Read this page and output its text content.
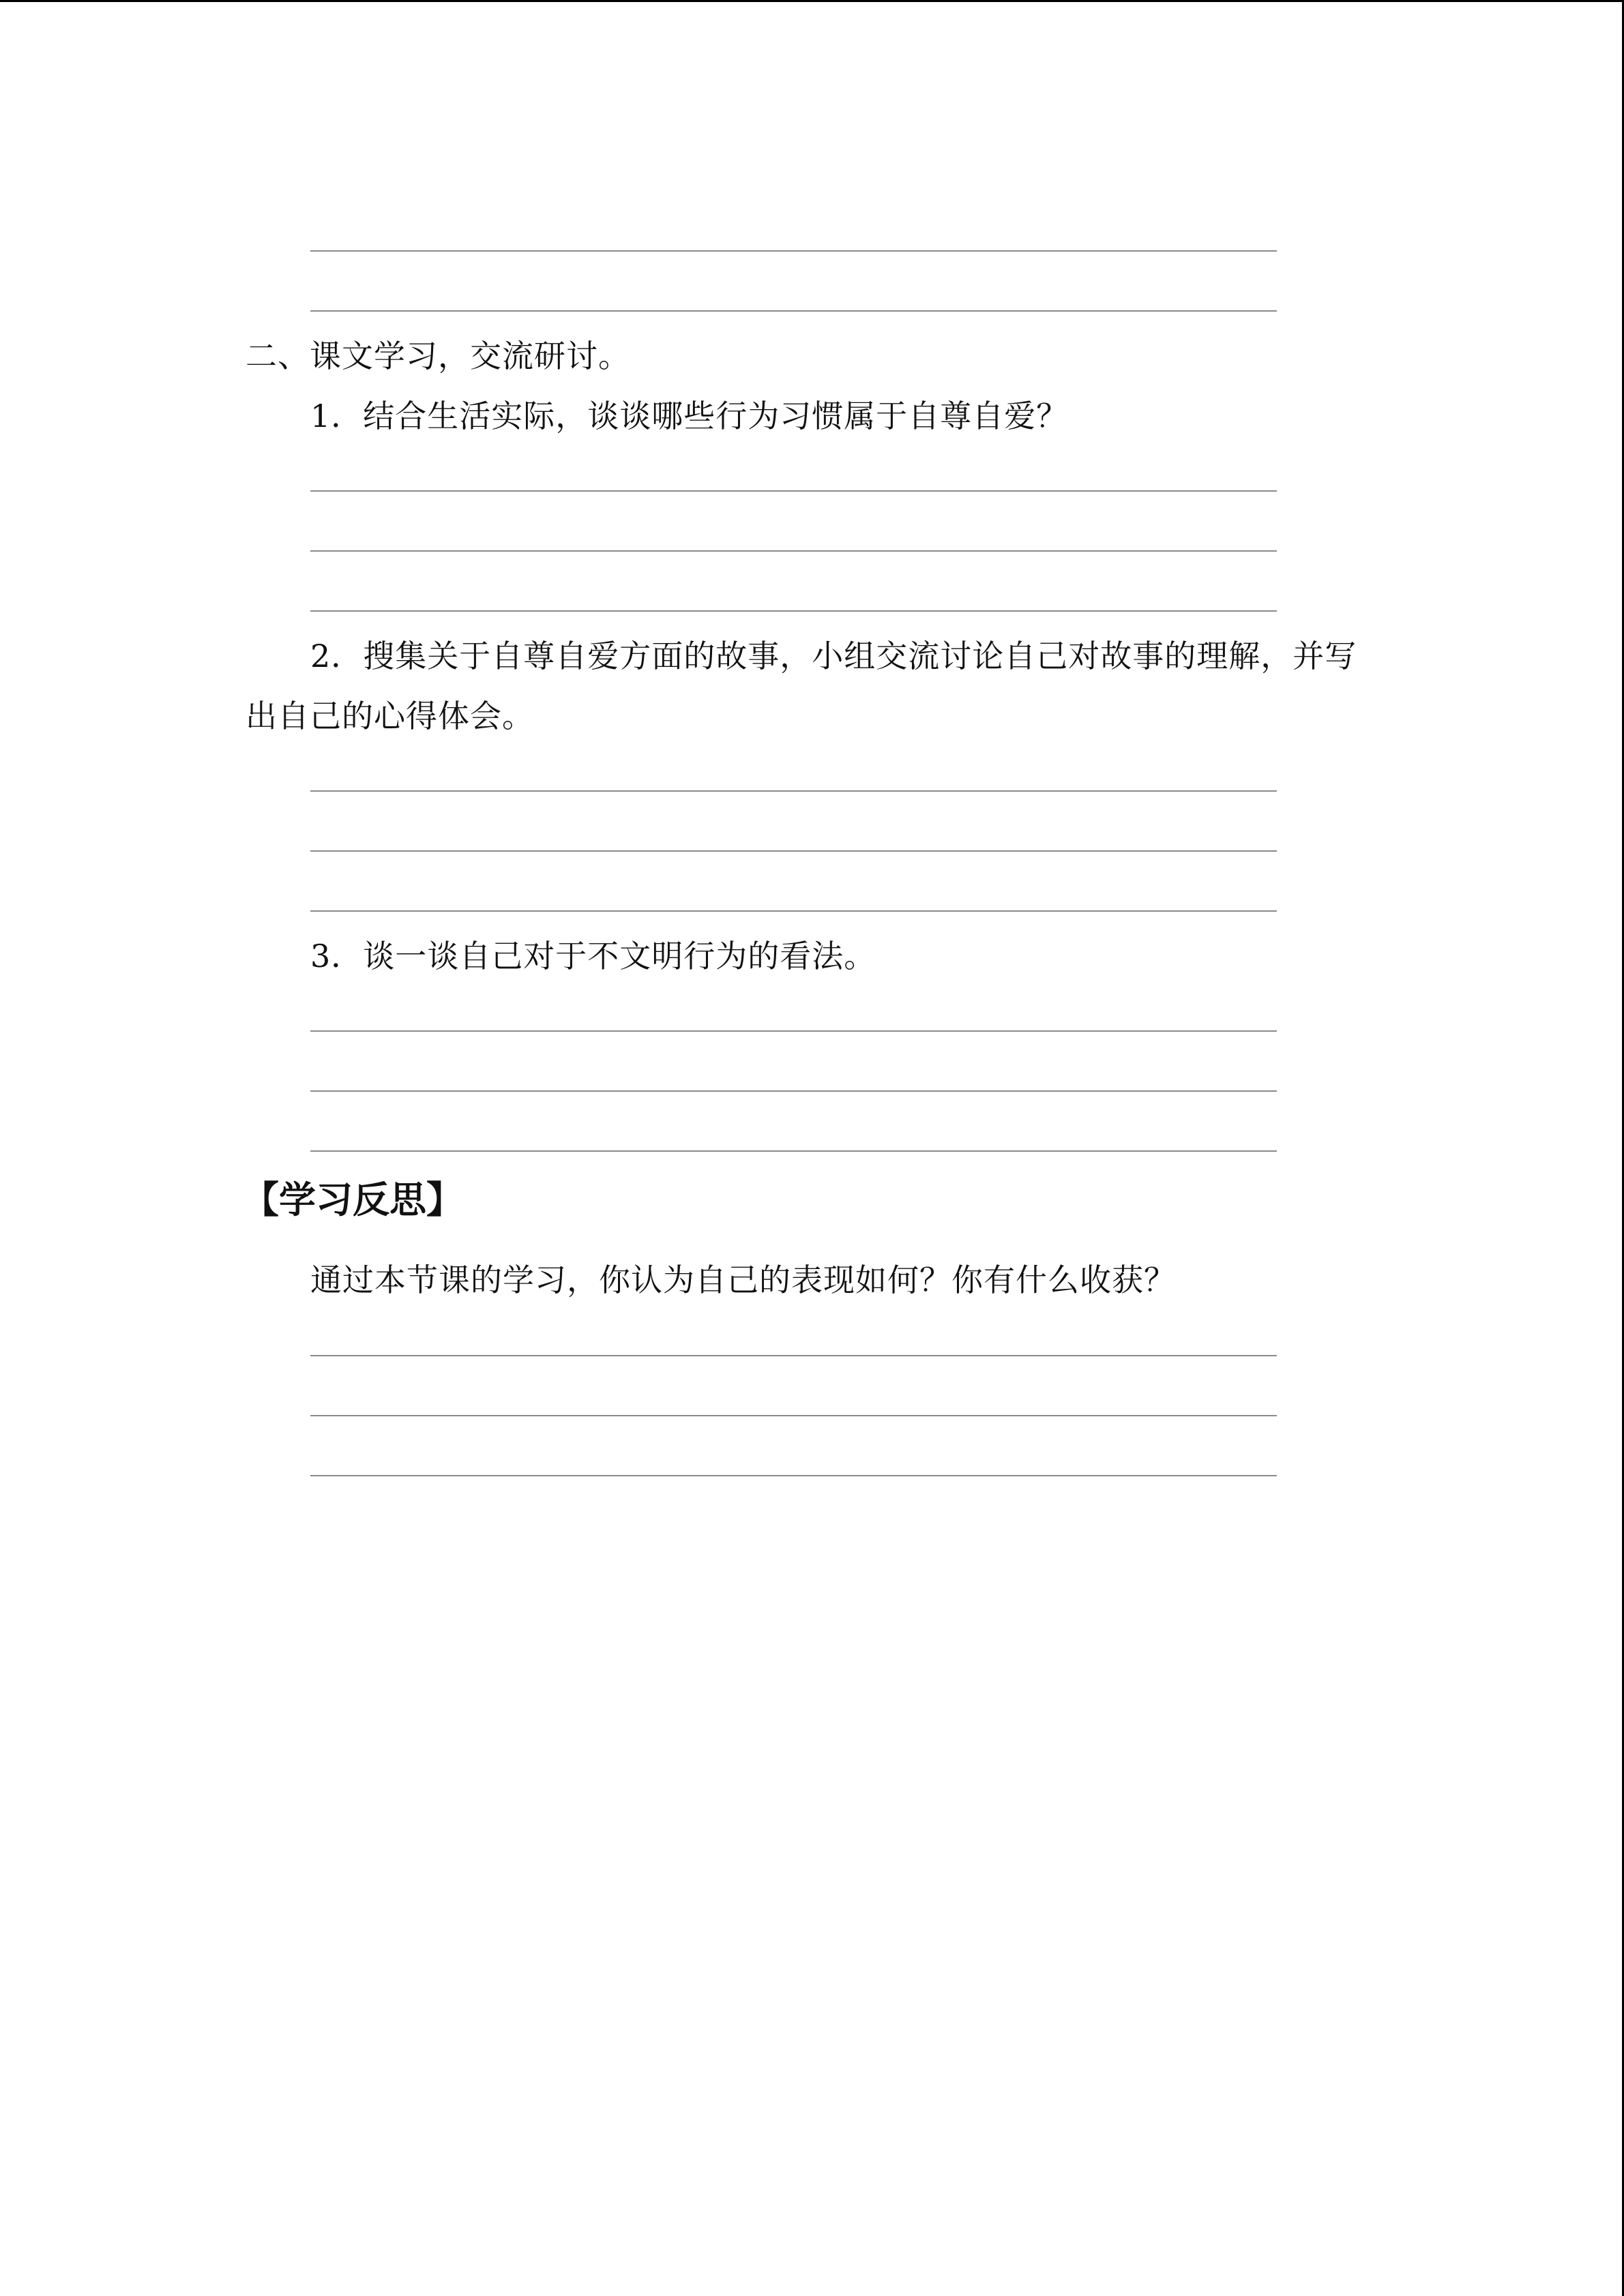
二、课文学习，交流研讨。
1．结合生活实际，谈谈哪些行为习惯属于自尊自爱？
2．搜集关于自尊自爱方面的故事，小组交流讨论自己对故事的理解，并写
出自己的心得体会。
3．谈一谈自己对于不文明行为的看法。
【学习反思】
通过本节课的学习，你认为自己的表现如何？你有什么收获？
